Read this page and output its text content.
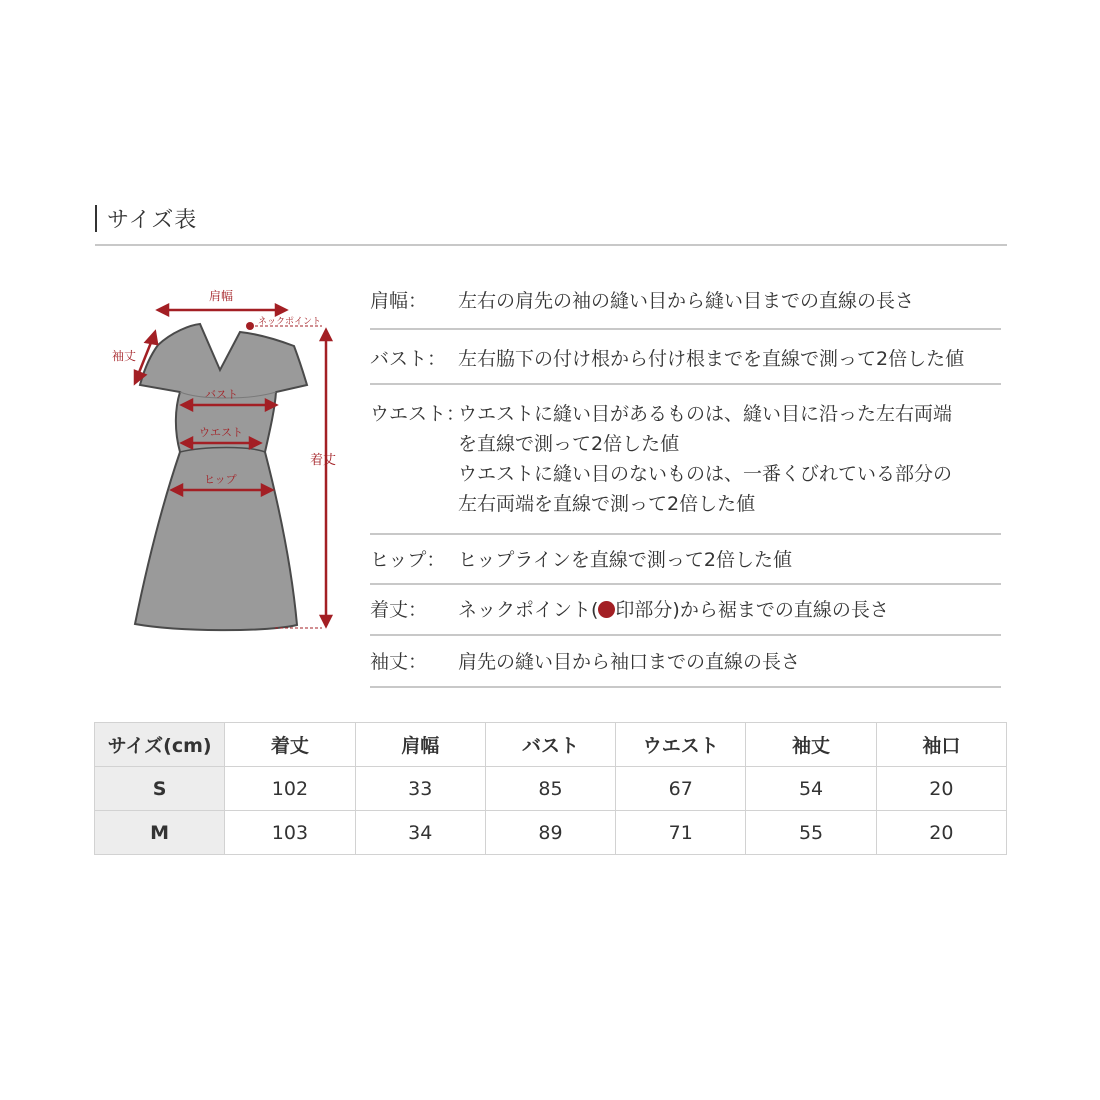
サイズ表
肩幅
ネックポイント
袖丈
バスト
ウエスト
ヒップ
着丈
肩幅：	左右の肩先の袖の縫い目から縫い目までの直線の長さ
バスト： 左右脇下の付け根から付け根までを直線で測って2倍した値
ウエスト：
ウエストに縫い目があるものは、縫い目に沿った左右両端
を直線で測って2倍した値
ウエストに縫い目のないものは、一番くびれている部分の
左右両端を直線で測って2倍した値
ヒップ： ヒップラインを直線で測って2倍した値
着丈：	ネックポイント( 印部分)から裾までの直線の長さ
袖丈：	肩先の縫い目から袖口までの直線の長さ
サイズ(cm)	着丈	肩幅	バスト	ウエスト	袖丈	袖口
S	102	33	85	67	54	20
M	103	34	89	71	55	20
